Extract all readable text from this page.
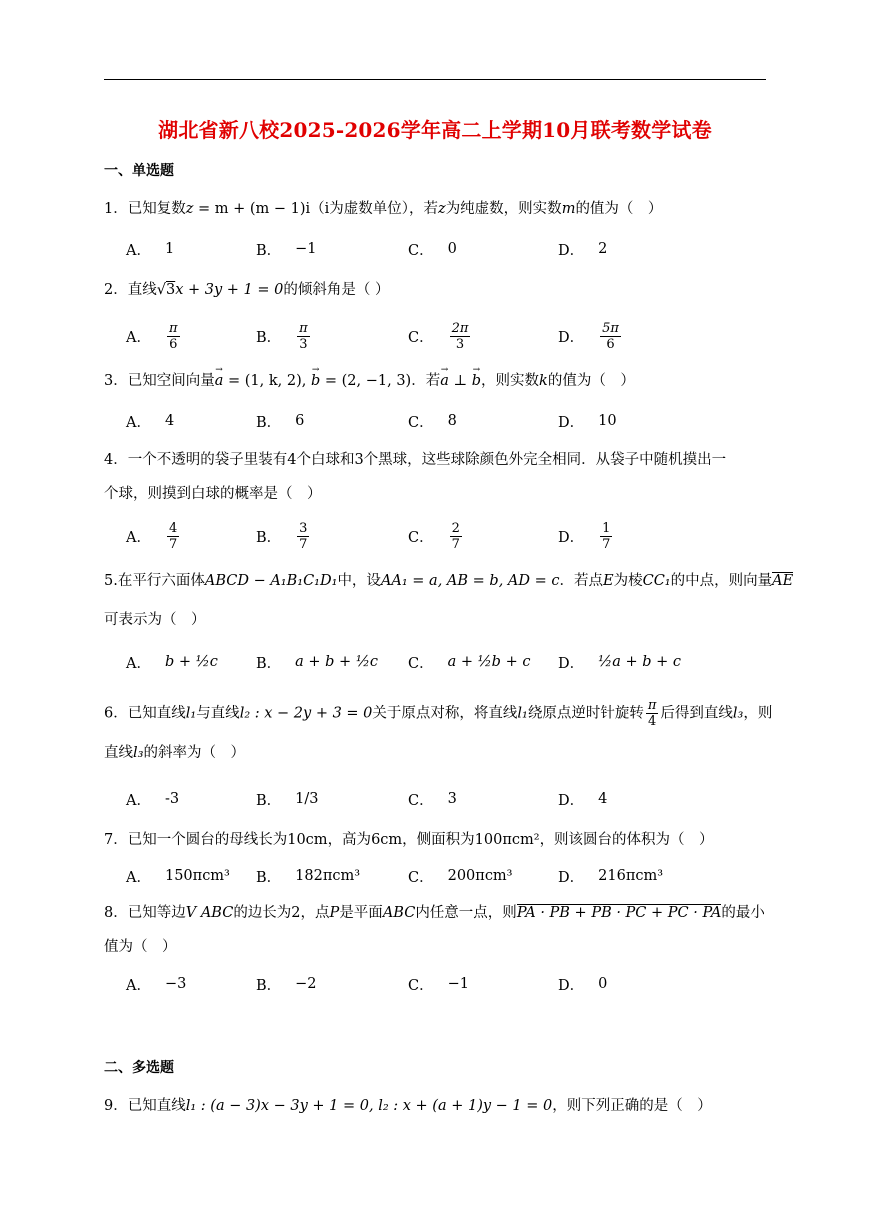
湖北省新八校2025-2026学年高二上学期10月联考数学试卷
一、单选题
1．已知复数z = m + (m − 1)i（i为虚数单位），若z为纯虚数，则实数m的值为（　）
A． 1	B． −1	C． 0	D． 2
2．直线√3x + 3y + 1 = 0的倾斜角是（ ）
A． $\frac{\pi}{6}$	B． $\frac{\pi}{3}$	C． $\frac{2\pi}{3}$	D． $\frac{5\pi}{6}$
3．已知空间向量a → = (1, k, 2), b → = (2, −1, 3)．若a → ⊥ b →，则实数k的值为（　）
A． 4	B． 6	C． 8	D． 10
4．一个不透明的袋子里装有4个白球和3个黑球，这些球除颜色外完全相同．从袋子中随机摸出一
个球，则摸到白球的概率是（　）
A． $\frac{4}{7}$	B． $\frac{3}{7}$	C． $\frac{2}{7}$	D． $\frac{1}{7}$
5.在平行六面体ABCD − A₁B₁C₁D₁中，设AA₁ = a, AB = b, AD = c．若点E为棱CC₁的中点，则向量AE
可表示为（　）
A． b + ½c	B． a + b + ½c C． a + ½b + c D． ½a + b + c
6．已知直线l₁与直线l₂ : x − 2y + 3 = 0关于原点对称，将直线l₁绕原点逆时针旋转 $\frac{\pi}{4}$ 后得到直线l₃，则
直线l₃的斜率为（　）
A． -3	B． 1/3	C． 3	D． 4
7．已知一个圆台的母线长为10cm，高为6cm，侧面积为100πcm²，则该圆台的体积为（　）
A． 150πcm³ B． 182πcm³	C． 200πcm³	D． 216πcm³
8．已知等边V ABC的边长为2，点P是平面ABC内任意一点，则PA · PB + PB · PC + PC · PA的最小
值为（　）
A． −3	B． −2	C． −1	D． 0
二、多选题
9．已知直线l₁ : (a − 3)x − 3y + 1 = 0, l₂ : x + (a + 1)y − 1 = 0，则下列正确的是（　）
